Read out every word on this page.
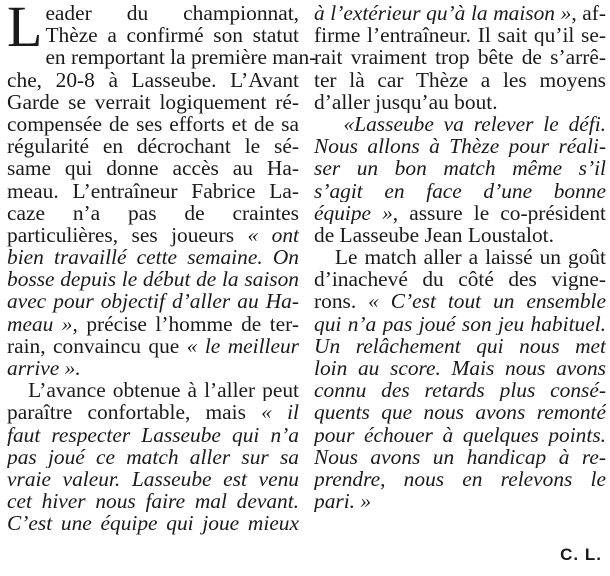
L eader du championnat,
Thèze a confirmé son statut
en remportant la première man-
che, 20-8 à Lasseube. L’Avant
Garde se verrait logiquement ré-
compensée de ses efforts et de sa
régularité en décrochant le sé-
same qui donne accès au Ha-
meau. L’entraîneur Fabrice La-
caze n’a pas de craintes
particulières, ses joueurs « ont
bien travaillé cette semaine. On
bosse depuis le début de la saison
avec pour objectif d’aller au Ha-
meau », précise l’homme de ter-
rain, convaincu que « le meilleur
arrive ».
L’avance obtenue à l’aller peut
paraître confortable, mais « il
faut respecter Lasseube qui n’a
pas joué ce match aller sur sa
vraie valeur. Lasseube est venu
cet hiver nous faire mal devant.
C’est une équipe qui joue mieux
à l’extérieur qu’à la maison », af-
firme l’entraîneur. Il sait qu’il se-
rait vraiment trop bête de s’arrê-
ter là car Thèze a les moyens
d’aller jusqu’au bout.
«Lasseube va relever le défi.
Nous allons à Thèze pour réali-
ser un bon match même s’il
s’agit en face d’une bonne
équipe », assure le co-président
de Lasseube Jean Loustalot.
Le match aller a laissé un goût
d’inachevé du côté des vigne-
rons. « C’est tout un ensemble
qui n’a pas joué son jeu habituel.
Un relâchement qui nous met
loin au score. Mais nous avons
connu des retards plus consé-
quents que nous avons remonté
pour échouer à quelques points.
Nous avons un handicap à re-
prendre, nous en relevons le
pari. »
C. L.
